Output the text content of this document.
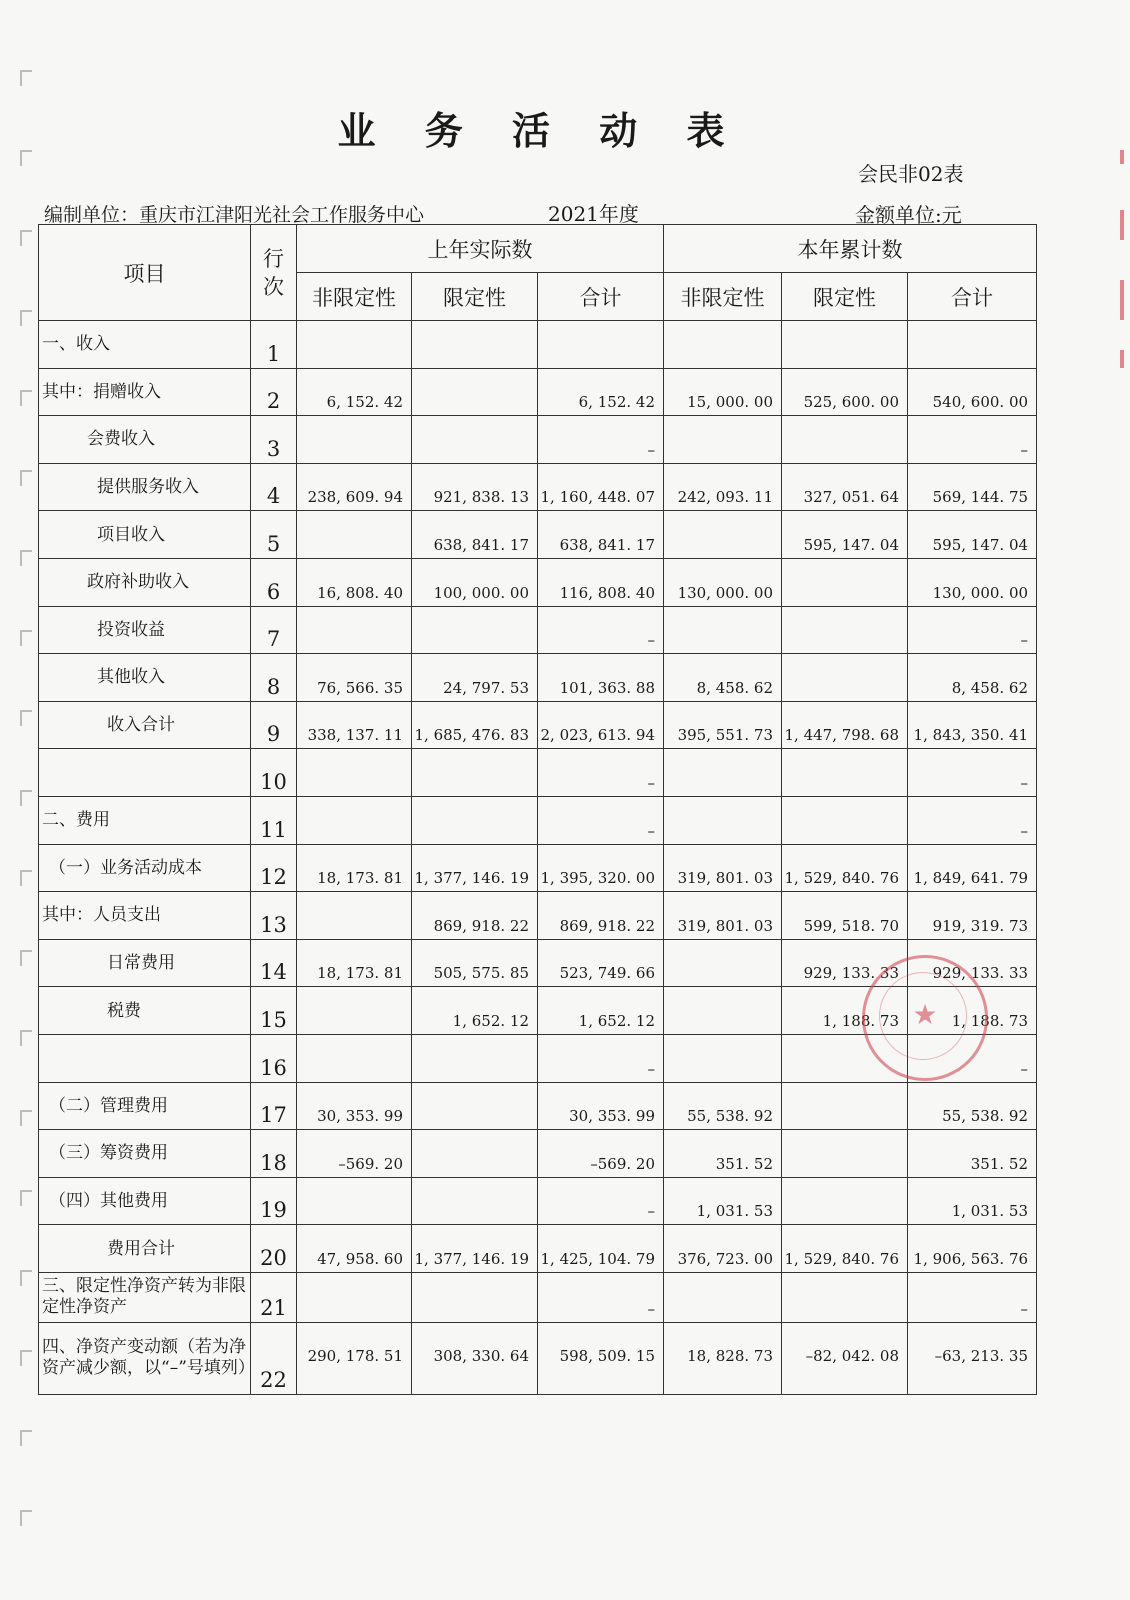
业 务 活 动 表
会民非02表
编制单位：重庆市江津阳光社会工作服务中心	2021年度	金额单位:元
项目	行次	上年实际数			本年累计数		
		非限定性	限定性	合计	非限定性	限定性	合计
一、收入	1						
其中：捐赠收入	2	6, 152. 42		6, 152. 42	15, 000. 00	525, 600. 00	540, 600. 00
会费收入	3			–			–
提供服务收入	4	238, 609. 94	921, 838. 13	1, 160, 448. 07	242, 093. 11	327, 051. 64	569, 144. 75
项目收入	5		638, 841. 17	638, 841. 17		595, 147. 04	595, 147. 04
政府补助收入	6	16, 808. 40	100, 000. 00	116, 808. 40	130, 000. 00		130, 000. 00
投资收益	7			–			–
其他收入	8	76, 566. 35	24, 797. 53	101, 363. 88	8, 458. 62		8, 458. 62
收入合计	9	338, 137. 11	1, 685, 476. 83	2, 023, 613. 94	395, 551. 73	1, 447, 798. 68	1, 843, 350. 41
	10			–			–
二、费用	11			–			–
（一）业务活动成本	12	18, 173. 81	1, 377, 146. 19	1, 395, 320. 00	319, 801. 03	1, 529, 840. 76	1, 849, 641. 79
其中：人员支出	13		869, 918. 22	869, 918. 22	319, 801. 03	599, 518. 70	919, 319. 73
日常费用	14	18, 173. 81	505, 575. 85	523, 749. 66		929, 133. 33	929, 133. 33
税费	15		1, 652. 12	1, 652. 12		1, 188. 73	1, 188. 73
	16			–			–
（二）管理费用	17	30, 353. 99		30, 353. 99	55, 538. 92		55, 538. 92
（三）筹资费用	18	–569. 20		–569. 20	351. 52		351. 52
（四）其他费用	19			–	1, 031. 53		1, 031. 53
费用合计	20	47, 958. 60	1, 377, 146. 19	1, 425, 104. 79	376, 723. 00	1, 529, 840. 76	1, 906, 563. 76
三、限定性净资产转为非限定性净资产	21			–			–
四、净资产变动额（若为净资产减少额，以“–”号填列）	22	290, 178. 51	308, 330. 64	598, 509. 15	18, 828. 73	–82, 042. 08	–63, 213. 35
★
